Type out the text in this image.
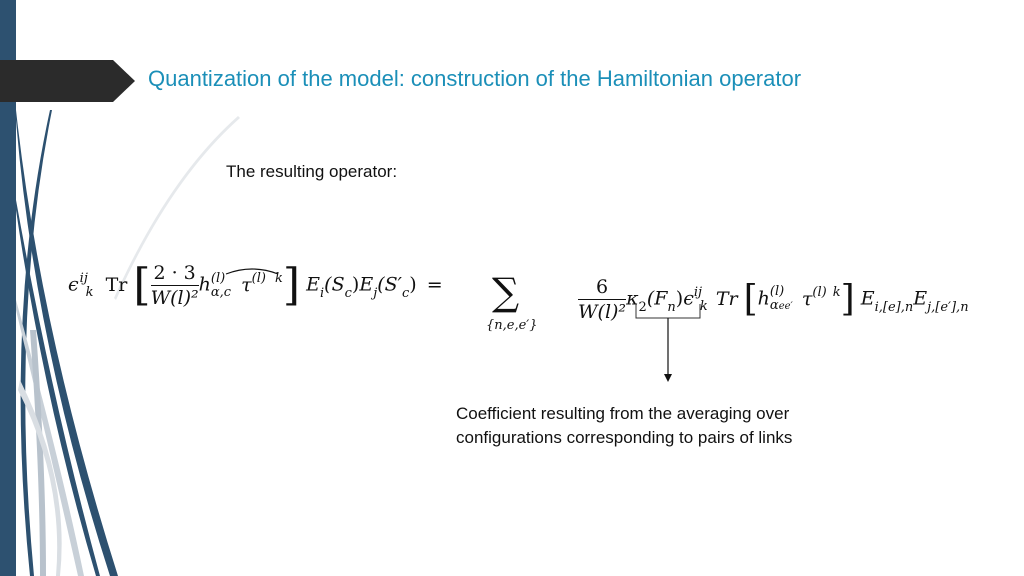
Quantization of the model: construction of the Hamiltonian operator
The resulting operator:
ϵ ij
k Tr [ $\frac{2 \cdot 3}{\text{W(l)²}}$ h (l)
α,c $\tau^{(l)}$ $^k$] $E_i(S_c)E_j(S'_c)$ = ∑
{n,e,e′}
$\frac{6}{\text{W(l)²}} \kappa_2(F_n)\epsilon$ ij
k Tr [h (l)
αee′ $\tau^{(l)}$ $^k$] $E_{i,[e],n}E_{j,[e'],n}$
Coefficient resulting from the averaging over
configurations corresponding to pairs of links
